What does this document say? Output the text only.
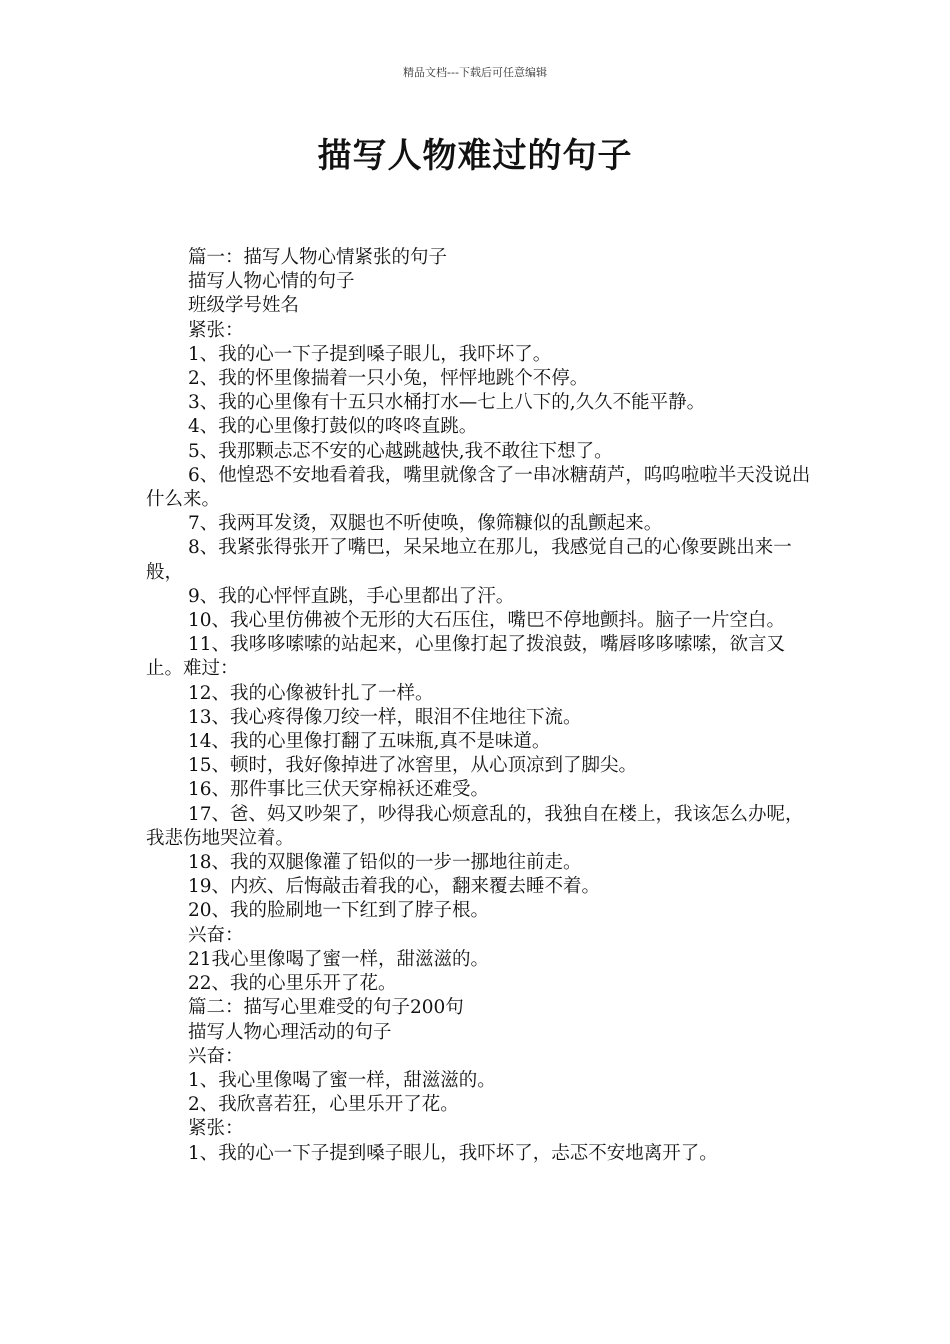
精品文档---下载后可任意编辑
描写人物难过的句子

篇一：描写人物心情紧张的句子

描写人物心情的句子

班级学号姓名

紧张：

1、我的心一下子提到嗓子眼儿，我吓坏了。

2、我的怀里像揣着一只小兔，怦怦地跳个不停。

3、我的心里像有十五只水桶打水—七上八下的,久久不能平静。

4、我的心里像打鼓似的咚咚直跳。

5、我那颗忐忑不安的心越跳越快,我不敢往下想了。

6、他惶恐不安地看着我，嘴里就像含了一串冰糖葫芦，呜呜啦啦半天没说出什么来。

7、我两耳发烫，双腿也不听使唤，像筛糠似的乱颤起来。

8、我紧张得张开了嘴巴，呆呆地立在那儿，我感觉自己的心像要跳出来一般，

9、我的心怦怦直跳，手心里都出了汗。

10、我心里仿佛被个无形的大石压住，嘴巴不停地颤抖。脑子一片空白。

11、我哆哆嗦嗦的站起来，心里像打起了拨浪鼓，嘴唇哆哆嗦嗦，欲言又止。难过：

12、我的心像被针扎了一样。

13、我心疼得像刀绞一样，眼泪不住地往下流。

14、我的心里像打翻了五味瓶,真不是味道。

15、顿时，我好像掉进了冰窖里，从心顶凉到了脚尖。

16、那件事比三伏天穿棉袄还难受。

17、爸、妈又吵架了，吵得我心烦意乱的，我独自在楼上，我该怎么办呢，我悲伤地哭泣着。

18、我的双腿像灌了铅似的一步一挪地往前走。

19、内疚、后悔敲击着我的心，翻来覆去睡不着。

20、我的脸刷地一下红到了脖子根。

兴奋：

21我心里像喝了蜜一样，甜滋滋的。

22、我的心里乐开了花。

篇二：描写心里难受的句子200句

描写人物心理活动的句子

兴奋：

1、我心里像喝了蜜一样，甜滋滋的。

2、我欣喜若狂，心里乐开了花。

紧张：

1、我的心一下子提到嗓子眼儿，我吓坏了，忐忑不安地离开了。
